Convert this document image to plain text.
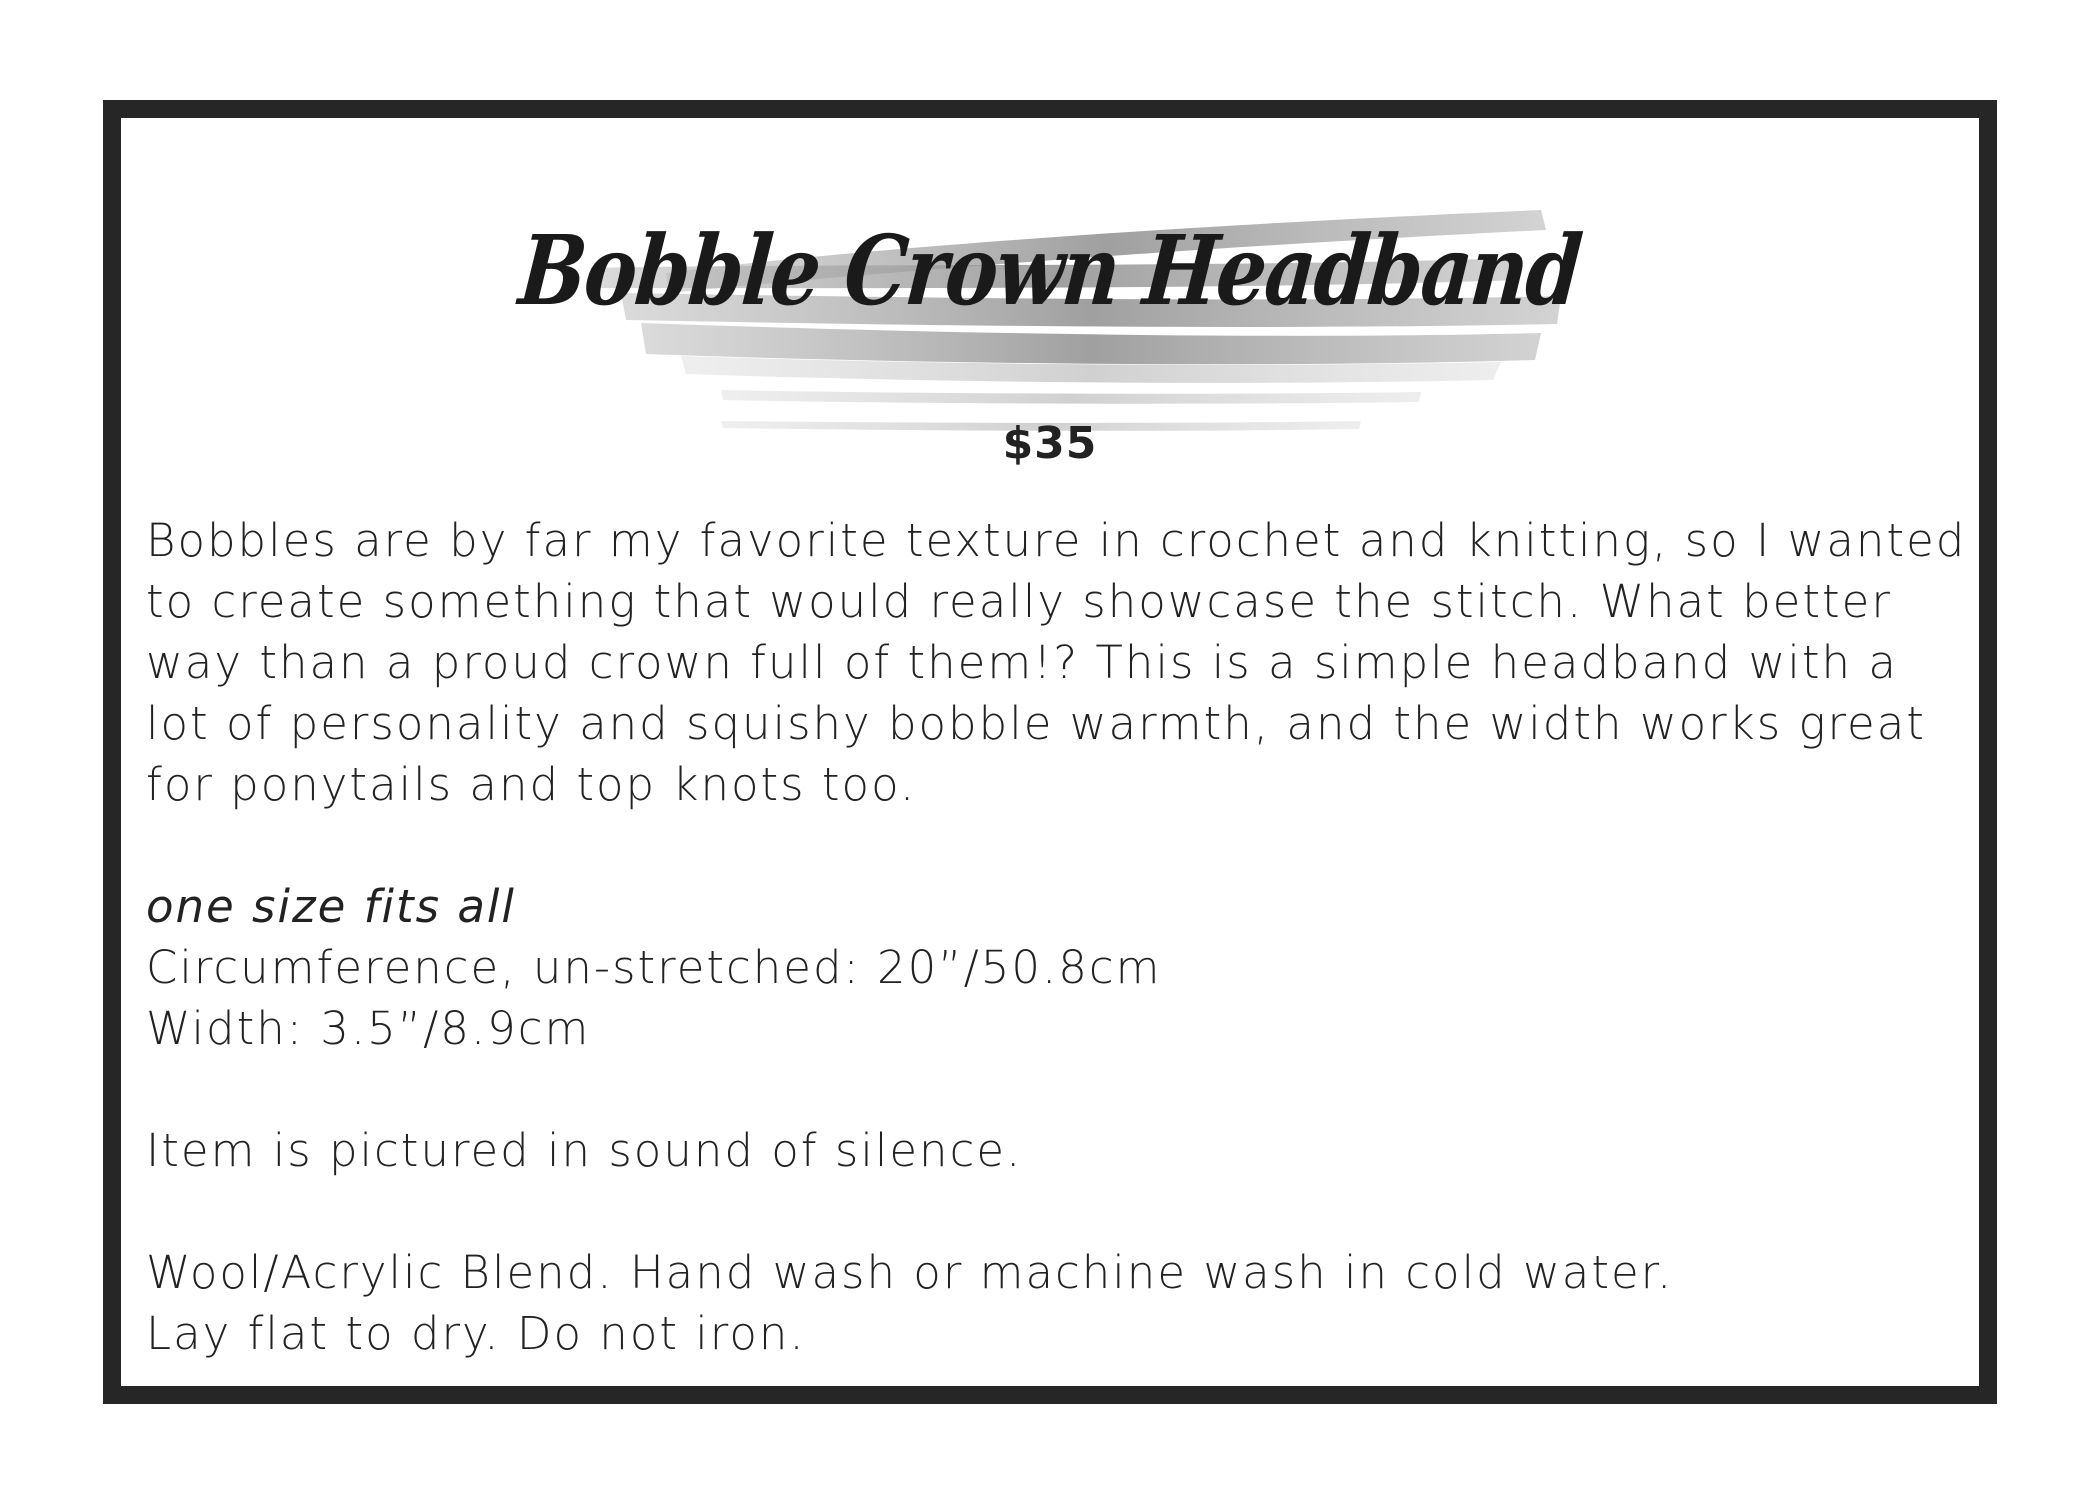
Bobble Crown Headband
$35
Bobbles are by far my favorite texture in crochet and knitting, so I wanted
to create something that would really showcase the stitch. What better
way than a proud crown full of them!? This is a simple headband with a
lot of personality and squishy bobble warmth, and the width works great
for ponytails and top knots too.
one size fits all
Circumference, un-stretched: 20”/50.8cm
Width: 3.5”/8.9cm
Item is pictured in sound of silence.
Wool/Acrylic Blend. Hand wash or machine wash in cold water.
Lay flat to dry. Do not iron.
